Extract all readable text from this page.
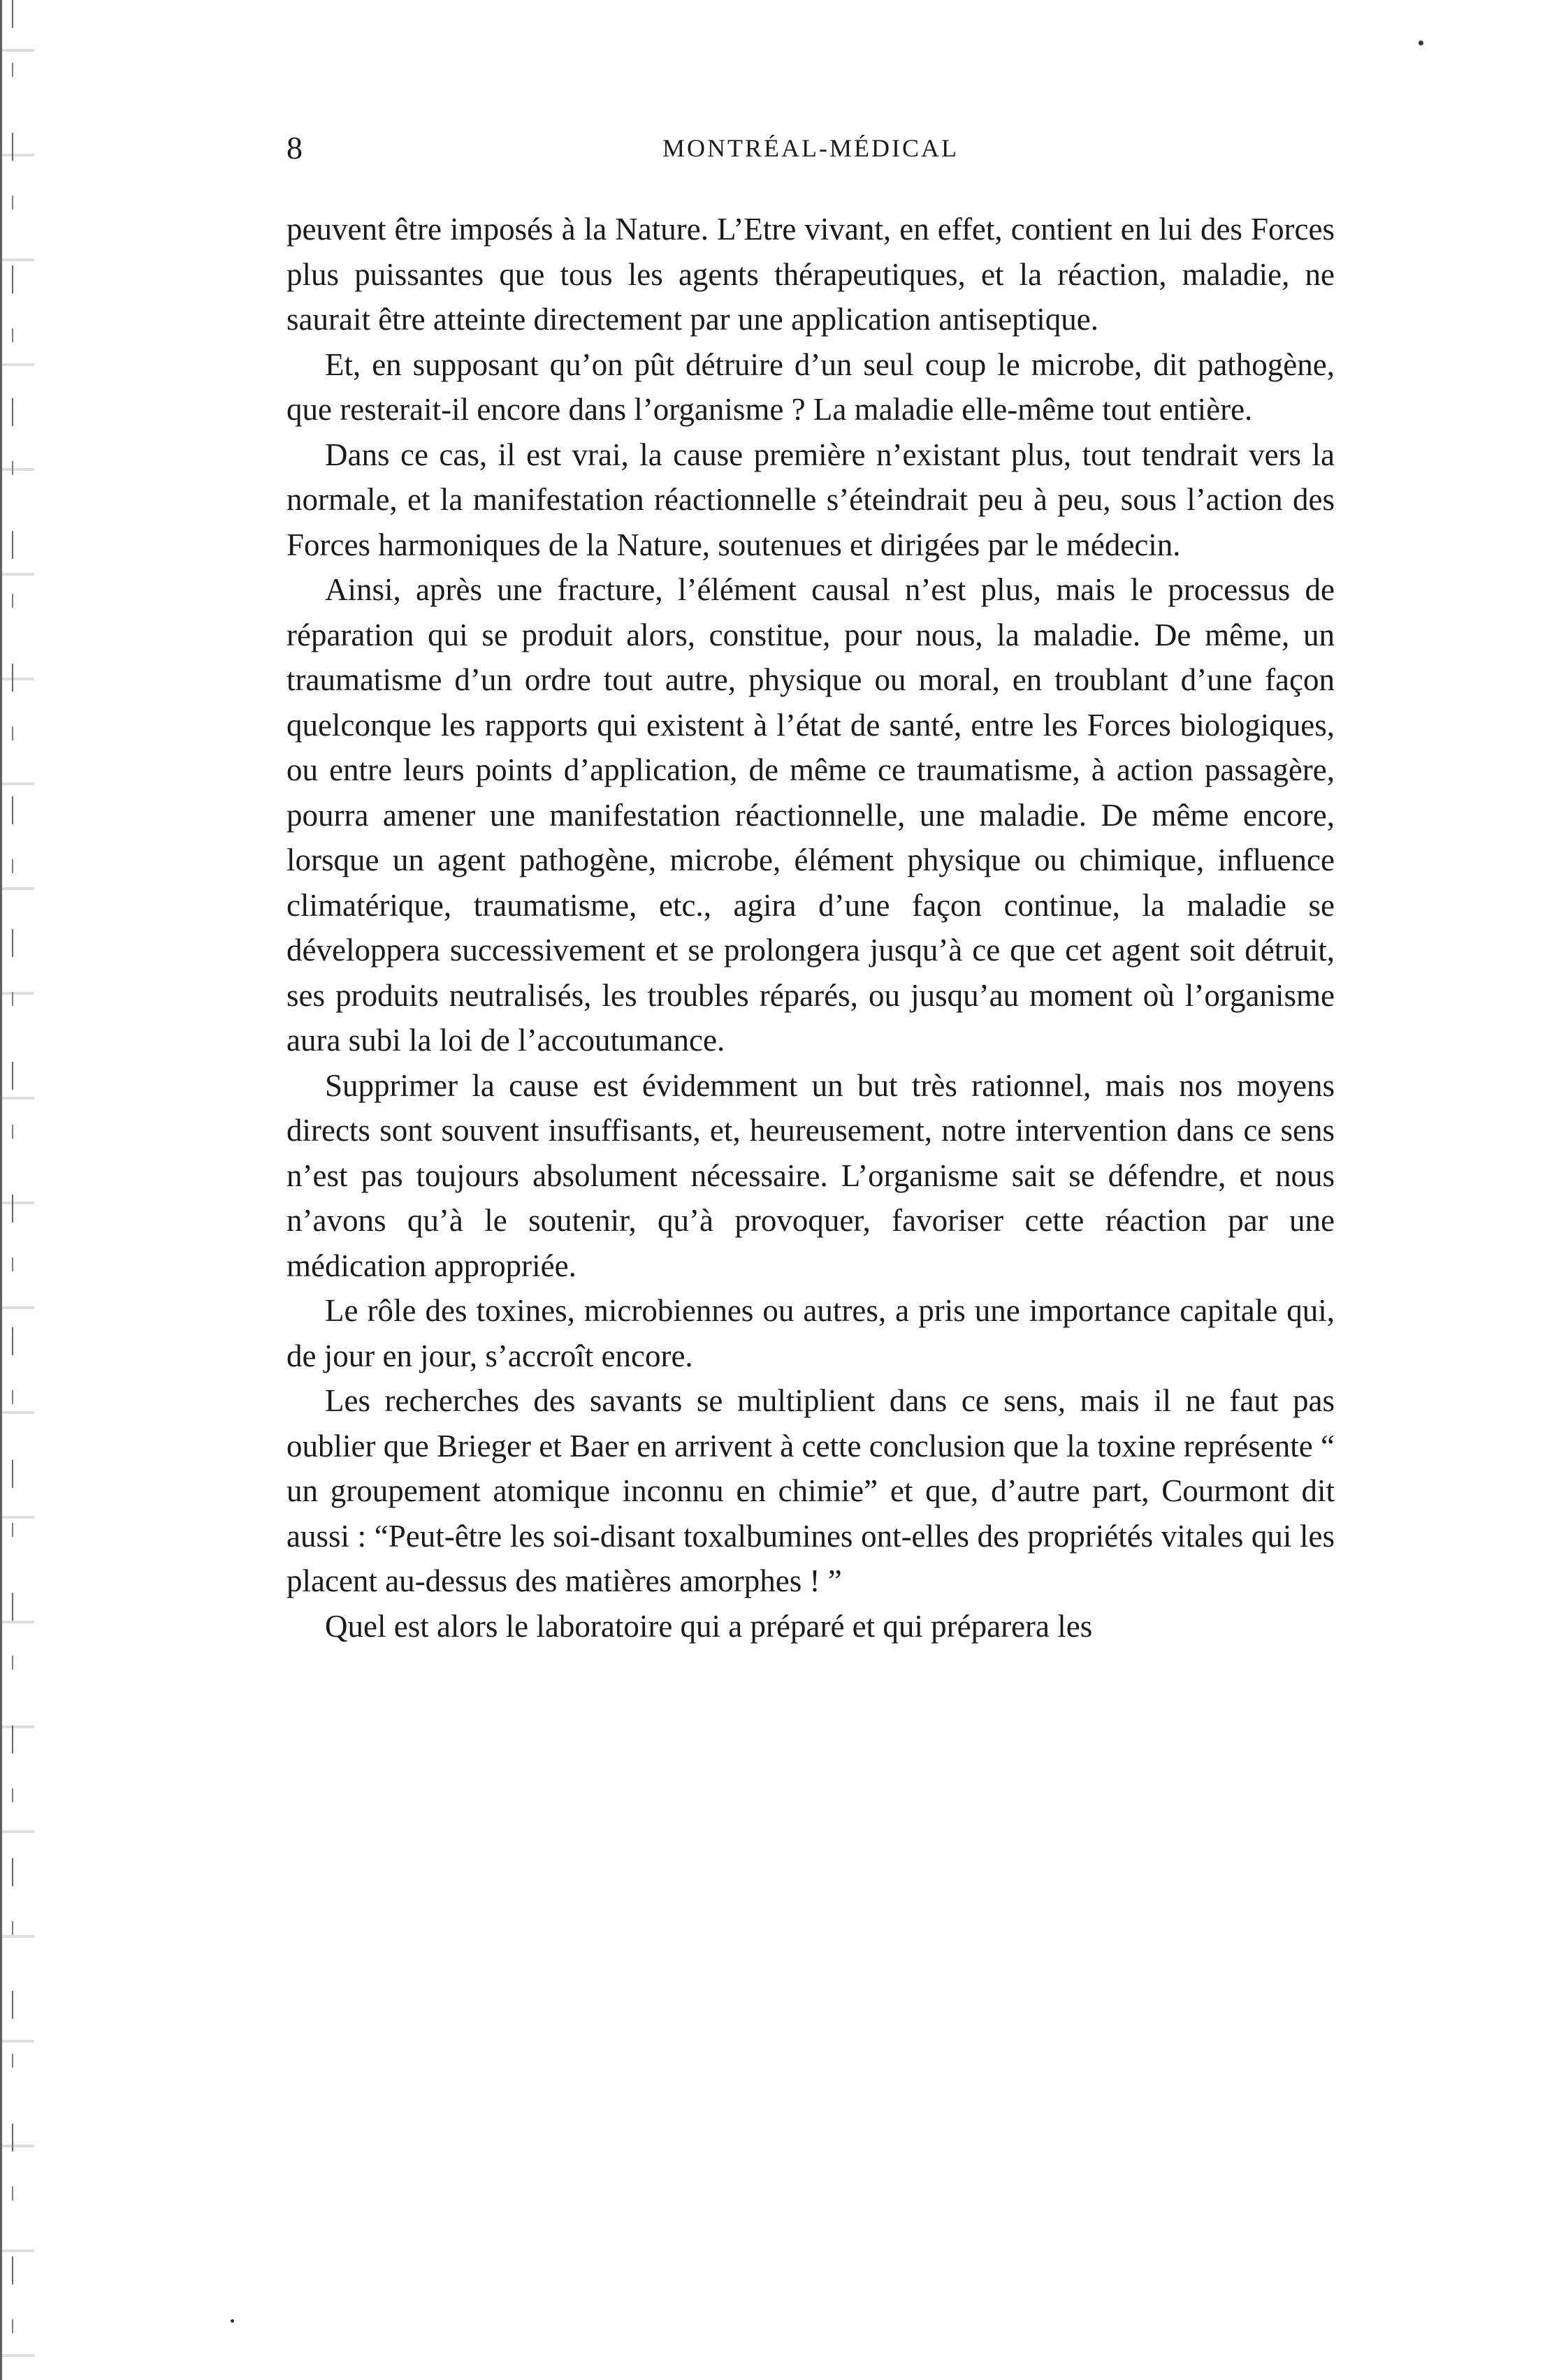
8	MONTRÉAL-MÉDICAL

peuvent être imposés à la Nature. L’Etre vivant, en effet, contient en lui des Forces plus puissantes que tous les agents thérapeutiques, et la réaction, maladie, ne saurait être atteinte directement par une application antiseptique.

Et, en supposant qu’on pût détruire d’un seul coup le microbe, dit pathogène, que resterait-il encore dans l’organisme ? La maladie elle-même tout entière.

Dans ce cas, il est vrai, la cause première n’existant plus, tout tendrait vers la normale, et la manifestation réactionnelle s’éteindrait peu à peu, sous l’action des Forces harmoniques de la Nature, soutenues et dirigées par le médecin.

Ainsi, après une fracture, l’élément causal n’est plus, mais le processus de réparation qui se produit alors, constitue, pour nous, la maladie. De même, un traumatisme d’un ordre tout autre, physique ou moral, en troublant d’une façon quelconque les rapports qui existent à l’état de santé, entre les Forces biologiques, ou entre leurs points d’application, de même ce traumatisme, à action passagère, pourra amener une manifestation réactionnelle, une maladie. De même encore, lorsque un agent pathogène, microbe, élément physique ou chimique, influence climatérique, traumatisme, etc., agira d’une façon continue, la maladie se développera successivement et se prolongera jusqu’à ce que cet agent soit détruit, ses produits neutralisés, les troubles réparés, ou jusqu’au moment où l’organisme aura subi la loi de l’accoutumance.

Supprimer la cause est évidemment un but très rationnel, mais nos moyens directs sont souvent insuffisants, et, heureusement, notre intervention dans ce sens n’est pas toujours absolument nécessaire. L’organisme sait se défendre, et nous n’avons qu’à le soutenir, qu’à provoquer, favoriser cette réaction par une médication appropriée.

Le rôle des toxines, microbiennes ou autres, a pris une importance capitale qui, de jour en jour, s’accroît encore.

Les recherches des savants se multiplient dans ce sens, mais il ne faut pas oublier que Brieger et Baer en arrivent à cette conclusion que la toxine représente “ un groupement atomique inconnu en chimie” et que, d’autre part, Courmont dit aussi : “Peut-être les soi-disant toxalbumines ont-elles des propriétés vitales qui les placent au-dessus des matières amorphes ! ”

Quel est alors le laboratoire qui a préparé et qui préparera les
